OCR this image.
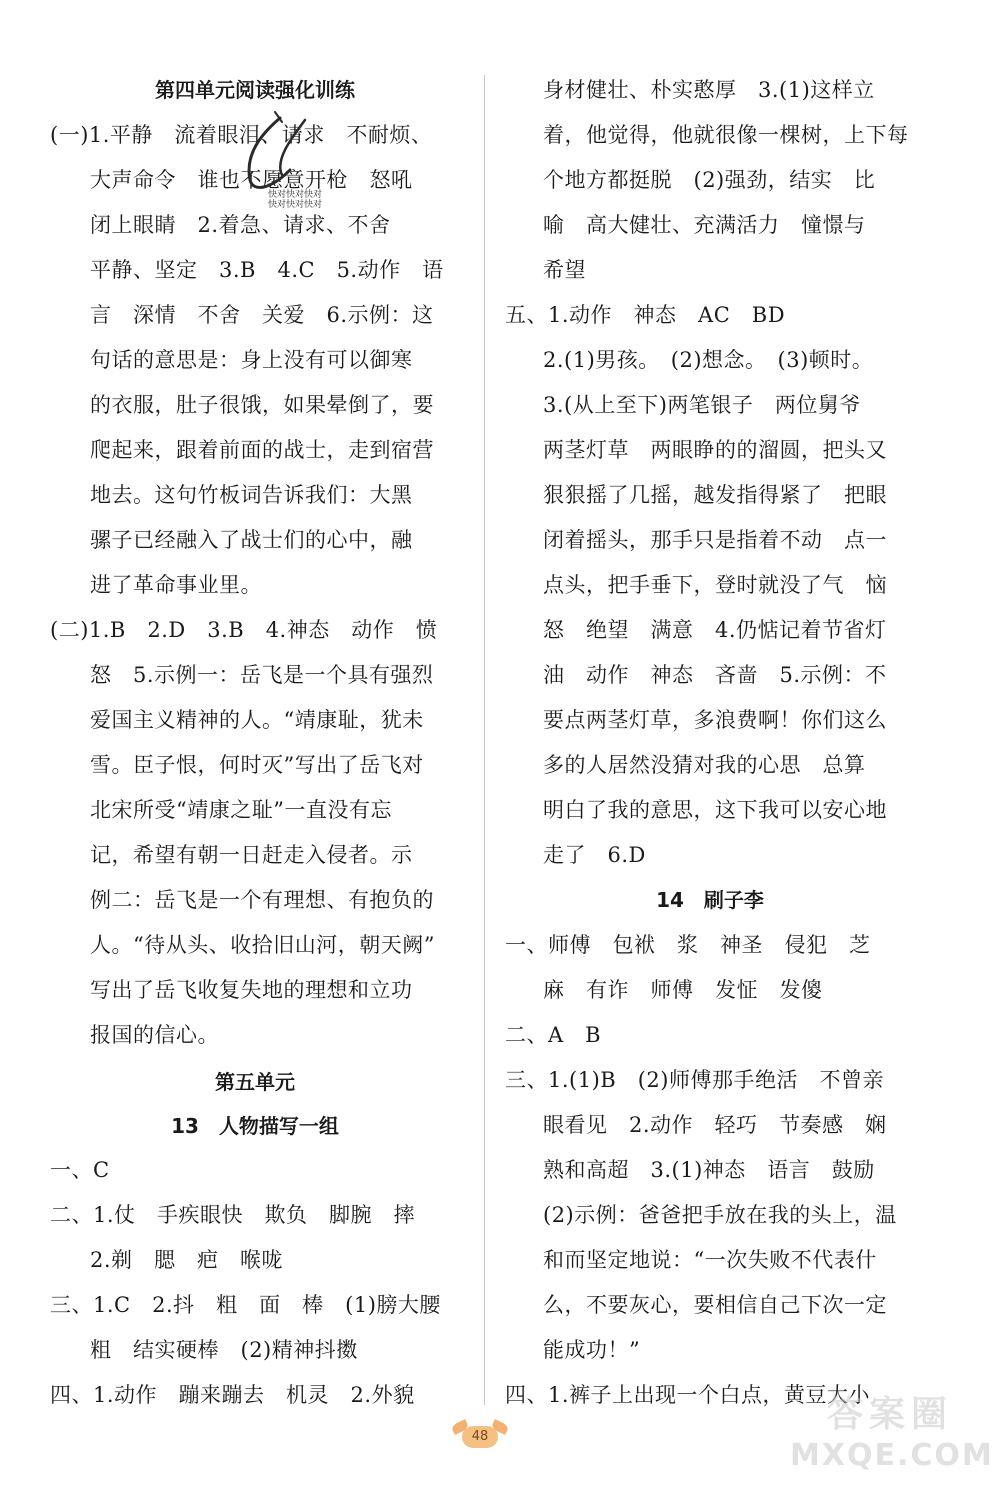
第四单元阅读强化训练
(一)1.平静　流着眼泪、请求　不耐烦、
大声命令　谁也不愿意开枪　怒吼
闭上眼睛　2.着急、请求、不舍
平静、坚定　3.B　4.C　5.动作　语
言　深情　不舍　关爱　6.示例：这
句话的意思是：身上没有可以御寒
的衣服，肚子很饿，如果晕倒了，要
爬起来，跟着前面的战士，走到宿营
地去。这句竹板词告诉我们：大黑
骡子已经融入了战士们的心中，融
进了革命事业里。
(二)1.B　2.D　3.B　4.神态　动作　愤
怒　5.示例一：岳飞是一个具有强烈
爱国主义精神的人。“靖康耻，犹未
雪。臣子恨，何时灭”写出了岳飞对
北宋所受“靖康之耻”一直没有忘
记，希望有朝一日赶走入侵者。示
例二：岳飞是一个有理想、有抱负的
人。“待从头、收拾旧山河，朝天阙”
写出了岳飞收复失地的理想和立功
报国的信心。
第五单元
13　人物描写一组
一、C
二、1.仗　手疾眼快　欺负　脚腕　摔
2.剃　腮　疤　喉咙
三、1.C　2.抖　粗　面　棒　(1)膀大腰
粗　结实硬棒　(2)精神抖擞
四、1.动作　蹦来蹦去　机灵　2.外貌
快对快对快对
快对快对快对
身材健壮、朴实憨厚　3.(1)这样立
着，他觉得，他就很像一棵树，上下每
个地方都挺脱　(2)强劲，结实　比
喻　高大健壮、充满活力　憧憬与
希望
五、1.动作　神态　AC　BD
2.(1)男孩。　(2)想念。　(3)顿时。
3.(从上至下)两笔银子　两位舅爷
两茎灯草　两眼睁的的溜圆，把头又
狠狠摇了几摇，越发指得紧了　把眼
闭着摇头，那手只是指着不动　点一
点头，把手垂下，登时就没了气　恼
怒　绝望　满意　4.仍惦记着节省灯
油　动作　神态　吝啬　5.示例：不
要点两茎灯草，多浪费啊！你们这么
多的人居然没猜对我的心思　总算
明白了我的意思，这下我可以安心地
走了　6.D
14　刷子李
一、师傅　包袱　浆　神圣　侵犯　芝
麻　有诈　师傅　发怔　发傻
二、A　B
三、1.(1)B　(2)师傅那手绝活　不曾亲
眼看见　2.动作　轻巧　节奏感　娴
熟和高超　3.(1)神态　语言　鼓励
(2)示例：爸爸把手放在我的头上，温
和而坚定地说：“一次失败不代表什
么，不要灰心，要相信自己下次一定
能成功！”
四、1.裤子上出现一个白点，黄豆大小
48
答案圈
MXQE.COM
